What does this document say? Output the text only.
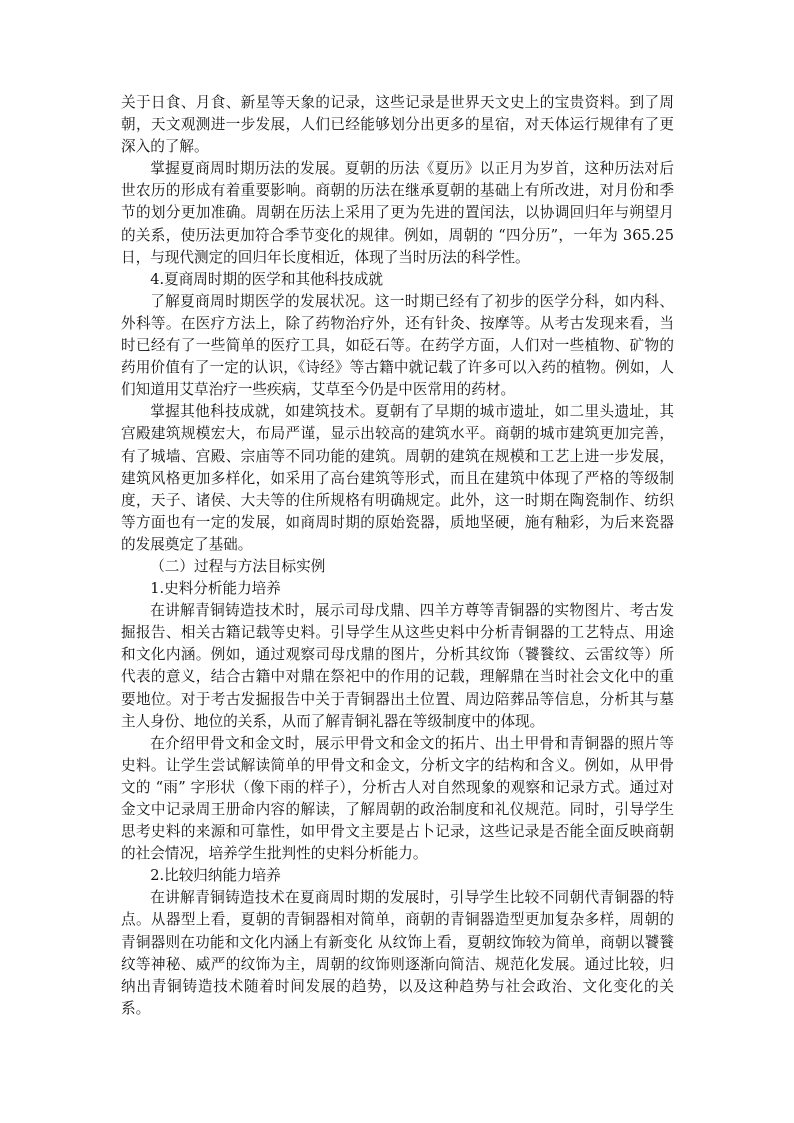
关于日食、月食、新星等天象的记录，这些记录是世界天文史上的宝贵资料。到了周朝，天文观测进一步发展，人们已经能够划分出更多的星宿，对天体运行规律有了更深入的了解。

掌握夏商周时期历法的发展。夏朝的历法《夏历》以正月为岁首，这种历法对后世农历的形成有着重要影响。商朝的历法在继承夏朝的基础上有所改进，对月份和季节的划分更加准确。周朝在历法上采用了更为先进的置闰法，以协调回归年与朔望月的关系，使历法更加符合季节变化的规律。例如，周朝的 “四分历”，一年为 365.25 日，与现代测定的回归年长度相近，体现了当时历法的科学性。

4.夏商周时期的医学和其他科技成就

了解夏商周时期医学的发展状况。这一时期已经有了初步的医学分科，如内科、外科等。在医疗方法上，除了药物治疗外，还有针灸、按摩等。从考古发现来看，当时已经有了一些简单的医疗工具，如砭石等。在药学方面，人们对一些植物、矿物的药用价值有了一定的认识，《诗经》等古籍中就记载了许多可以入药的植物。例如，人们知道用艾草治疗一些疾病，艾草至今仍是中医常用的药材。

掌握其他科技成就，如建筑技术。夏朝有了早期的城市遗址，如二里头遗址，其宫殿建筑规模宏大，布局严谨，显示出较高的建筑水平。商朝的城市建筑更加完善，有了城墙、宫殿、宗庙等不同功能的建筑。周朝的建筑在规模和工艺上进一步发展，建筑风格更加多样化，如采用了高台建筑等形式，而且在建筑中体现了严格的等级制度，天子、诸侯、大夫等的住所规格有明确规定。此外，这一时期在陶瓷制作、纺织等方面也有一定的发展，如商周时期的原始瓷器，质地坚硬，施有釉彩，为后来瓷器的发展奠定了基础。

（二）过程与方法目标实例

1.史料分析能力培养

在讲解青铜铸造技术时，展示司母戊鼎、四羊方尊等青铜器的实物图片、考古发掘报告、相关古籍记载等史料。引导学生从这些史料中分析青铜器的工艺特点、用途和文化内涵。例如，通过观察司母戊鼎的图片，分析其纹饰（饕餮纹、云雷纹等）所代表的意义，结合古籍中对鼎在祭祀中的作用的记载，理解鼎在当时社会文化中的重要地位。对于考古发掘报告中关于青铜器出土位置、周边陪葬品等信息，分析其与墓主人身份、地位的关系，从而了解青铜礼器在等级制度中的体现。

在介绍甲骨文和金文时，展示甲骨文和金文的拓片、出土甲骨和青铜器的照片等史料。让学生尝试解读简单的甲骨文和金文，分析文字的结构和含义。例如，从甲骨文的 “雨” 字形状（像下雨的样子），分析古人对自然现象的观察和记录方式。通过对金文中记录周王册命内容的解读，了解周朝的政治制度和礼仪规范。同时，引导学生思考史料的来源和可靠性，如甲骨文主要是占卜记录，这些记录是否能全面反映商朝的社会情况，培养学生批判性的史料分析能力。

2.比较归纳能力培养

在讲解青铜铸造技术在夏商周时期的发展时，引导学生比较不同朝代青铜器的特点。从器型上看，夏朝的青铜器相对简单，商朝的青铜器造型更加复杂多样，周朝的青铜器则在功能和文化内涵上有新变化 从纹饰上看，夏朝纹饰较为简单，商朝以饕餮纹等神秘、威严的纹饰为主，周朝的纹饰则逐渐向简洁、规范化发展。通过比较，归纳出青铜铸造技术随着时间发展的趋势，以及这种趋势与社会政治、文化变化的关系。
